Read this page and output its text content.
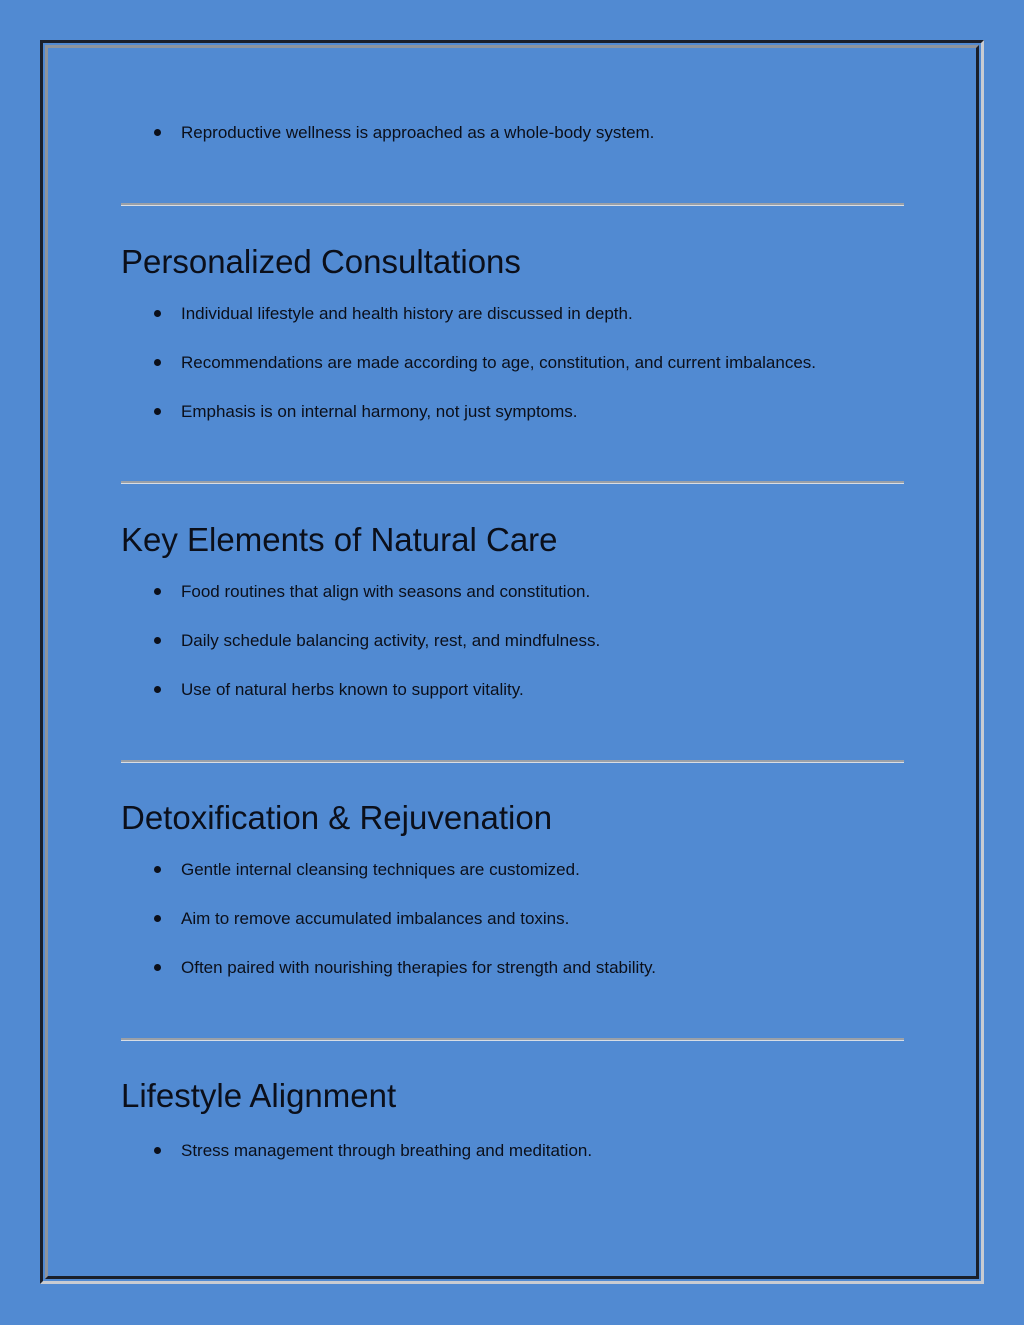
Reproductive wellness is approached as a whole-body system.
Personalized Consultations
Individual lifestyle and health history are discussed in depth.
Recommendations are made according to age, constitution, and current imbalances.
Emphasis is on internal harmony, not just symptoms.
Key Elements of Natural Care
Food routines that align with seasons and constitution.
Daily schedule balancing activity, rest, and mindfulness.
Use of natural herbs known to support vitality.
Detoxification & Rejuvenation
Gentle internal cleansing techniques are customized.
Aim to remove accumulated imbalances and toxins.
Often paired with nourishing therapies for strength and stability.
Lifestyle Alignment
Stress management through breathing and meditation.
